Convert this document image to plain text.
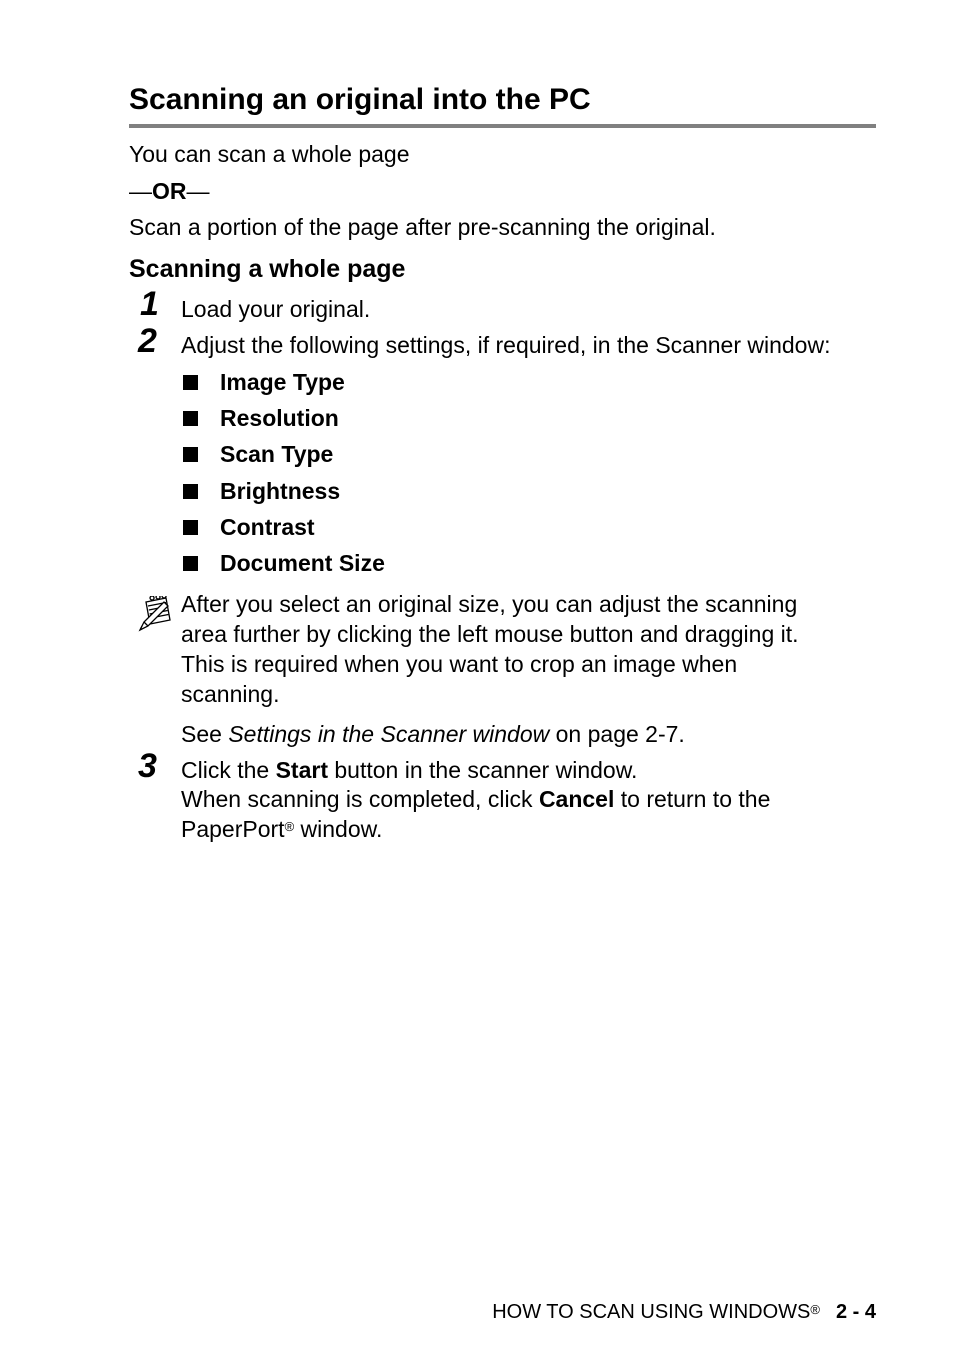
Scanning an original into the PC
You can scan a whole page
—OR—
Scan a portion of the page after pre-scanning the original.
Scanning a whole page
1 Load your original.
2 Adjust the following settings, if required, in the Scanner window:
Image Type
Resolution
Scan Type
Brightness
Contrast
Document Size
After you select an original size, you can adjust the scanning
area further by clicking the left mouse button and dragging it.
This is required when you want to crop an image when
scanning.
See Settings in the Scanner window on page 2-7.
3 Click the Start button in the scanner window.
When scanning is completed, click Cancel to return to the
PaperPort® window.
HOW TO SCAN USING WINDOWS® 2 - 4
